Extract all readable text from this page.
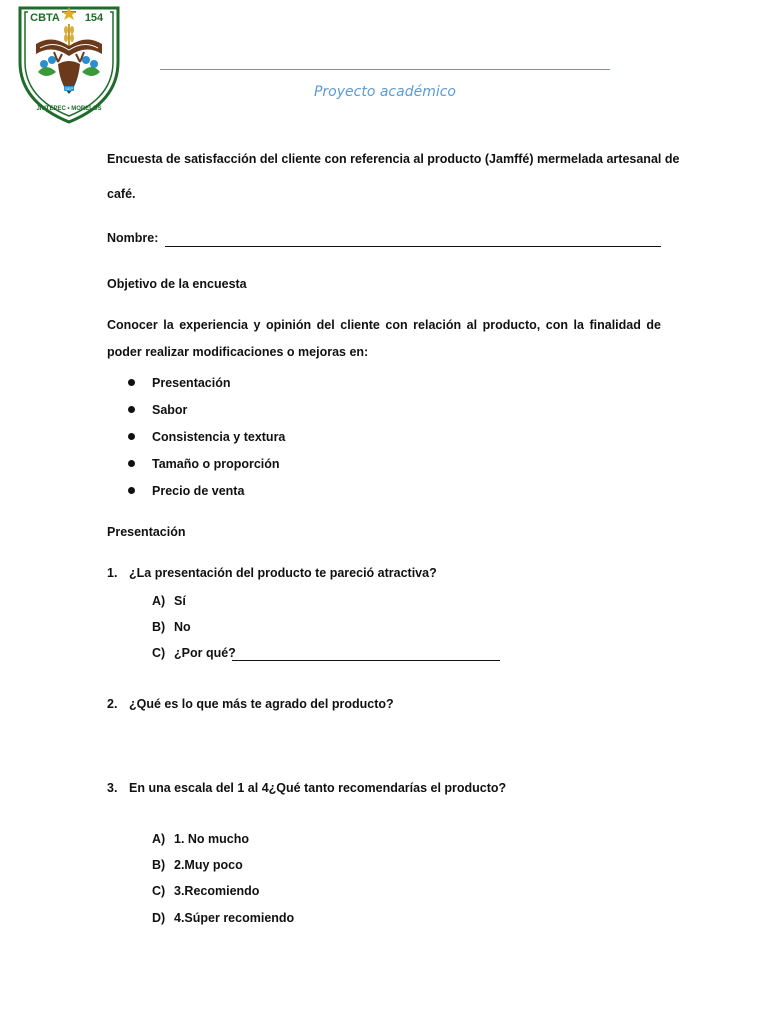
CBTA 154
SEP
JIUTEPEC • MORELOS
Proyecto académico
Encuesta de satisfacción del cliente con referencia al producto (Jamffé) mermelada artesanal de
café.
Nombre:
Objetivo de la encuesta
Conocer la experiencia y opinión del cliente con relación al producto, con la finalidad de poder realizar modificaciones o mejoras en:
Presentación
Sabor
Consistencia y textura
Tamaño o proporción
Precio de venta
Presentación
1. ¿La presentación del producto te pareció atractiva?
A) Sí
B) No
C) ¿Por qué?
2. ¿Qué es lo que más te agrado del producto?
3. En una escala del 1 al 4¿Qué tanto recomendarías el producto?
A) 1. No mucho
B) 2.Muy poco
C) 3.Recomiendo
D) 4.Súper recomiendo
